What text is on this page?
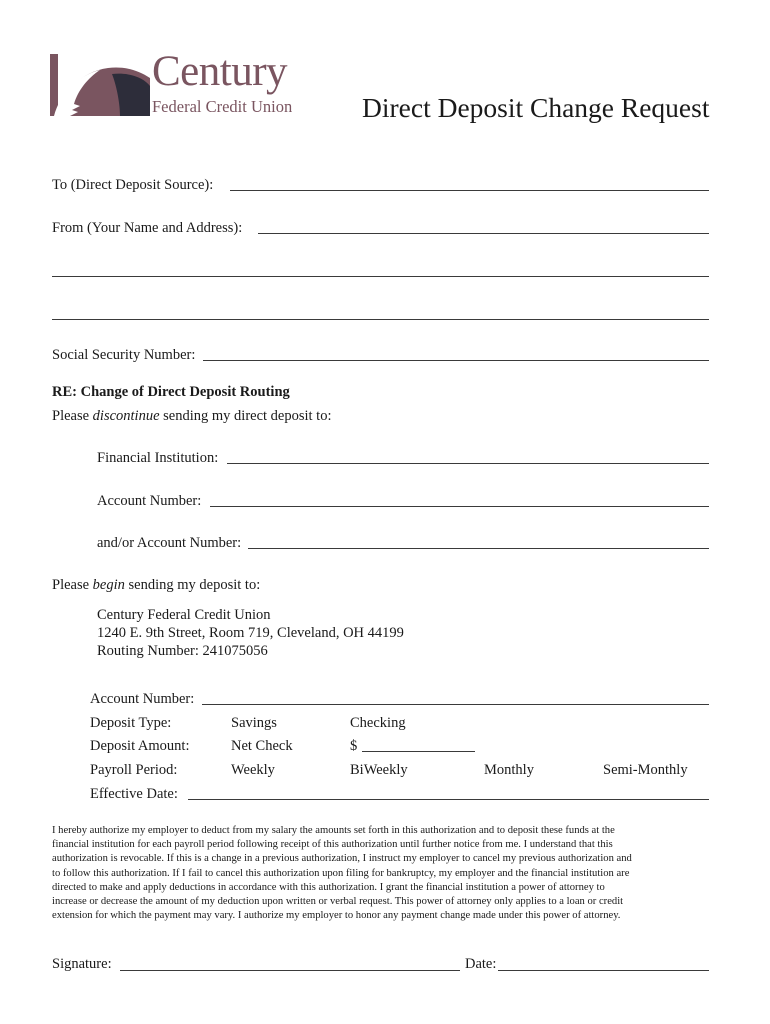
Century
Federal Credit Union	Direct Deposit Change Request
To (Direct Deposit Source):
From (Your Name and Address):
Social Security Number:
RE: Change of Direct Deposit Routing
Please discontinue sending my direct deposit to:
Financial Institution:
Account Number:
and/or Account Number:
Please begin sending my deposit to:
Century Federal Credit Union
1240 E. 9th Street, Room 719, Cleveland, OH 44199
Routing Number: 241075056
Account Number:
Deposit Type:	Savings	Checking
Deposit Amount:	Net Check	$
Payroll Period:	Weekly	BiWeekly	Monthly	Semi-Monthly
Effective Date:
I hereby authorize my employer to deduct from my salary the amounts set forth in this authorization and to deposit these funds at the
financial institution for each payroll period following receipt of this authorization until further notice from me. I understand that this
authorization is revocable. If this is a change in a previous authorization, I instruct my employer to cancel my previous authorization and
to follow this authorization. If I fail to cancel this authorization upon filing for bankruptcy, my employer and the financial institution are
directed to make and apply deductions in accordance with this authorization. I grant the financial institution a power of attorney to
increase or decrease the amount of my deduction upon written or verbal request. This power of attorney only applies to a loan or credit
extension for which the payment may vary. I authorize my employer to honor any payment change made under this power of attorney.
Signature:	Date:
